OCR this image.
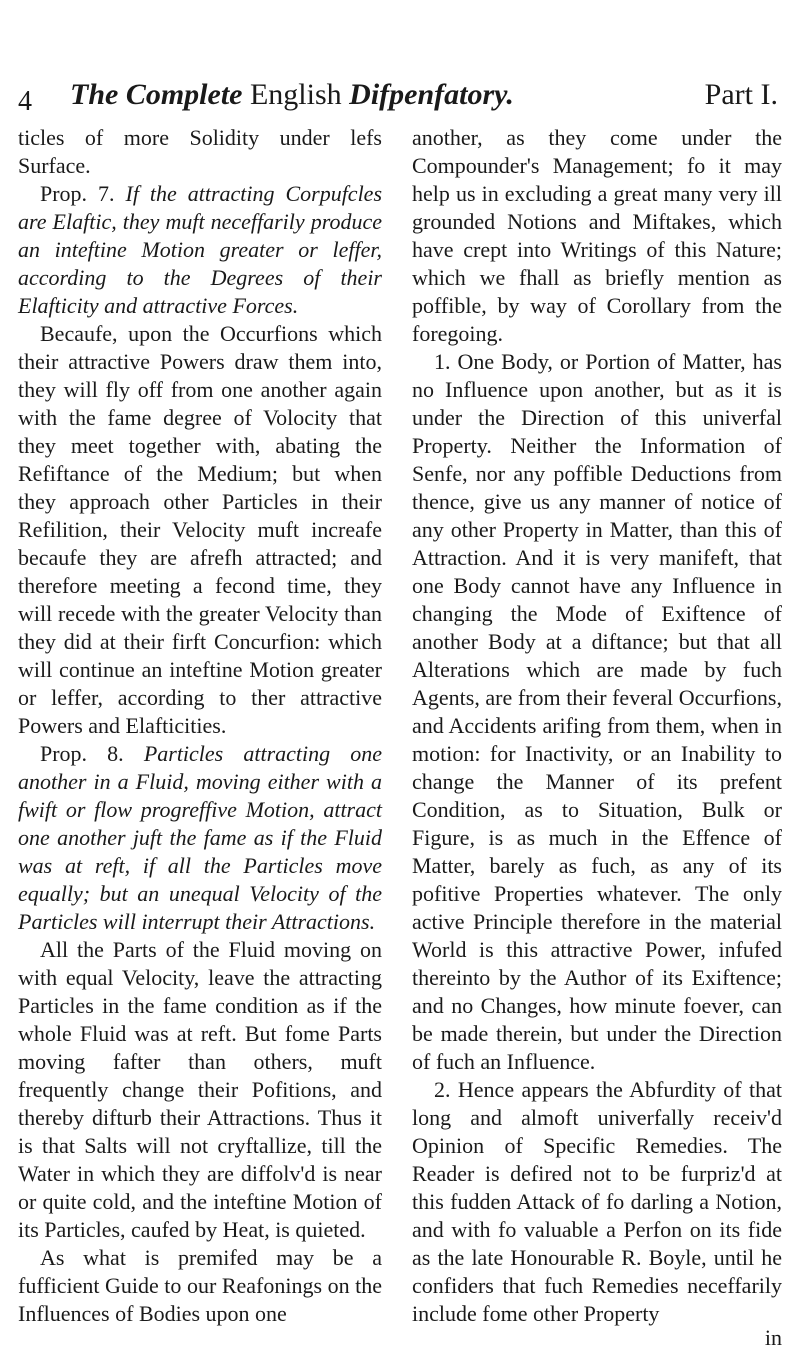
4 The Complete English Difpenfatory.	Part I.

ticles of more Solidity under lefs Surface.

Prop. 7. If the attracting Corpufcles are Elaftic, they muft neceffarily produce an inteftine Motion greater or leffer, according to the Degrees of their Elafticity and attractive Forces.

Becaufe, upon the Occurfions which their attractive Powers draw them into, they will fly off from one another again with the fame degree of Volocity that they meet together with, abating the Refiftance of the Medium; but when they approach other Particles in their Refilition, their Velocity muft increafe becaufe they are afrefh attracted; and therefore meeting a fecond time, they will recede with the greater Velocity than they did at their firft Concurfion: which will continue an inteftine Motion greater or leffer, according to ther attractive Powers and Elafticities.

Prop. 8. Particles attracting one another in a Fluid, moving either with a fwift or flow progreffive Motion, attract one another juft the fame as if the Fluid was at reft, if all the Particles move equally; but an unequal Velocity of the Particles will interrupt their Attractions.

All the Parts of the Fluid moving on with equal Velocity, leave the attracting Particles in the fame condition as if the whole Fluid was at reft. But fome Parts moving fafter than others, muft frequently change their Pofitions, and thereby difturb their Attractions. Thus it is that Salts will not cryftallize, till the Water in which they are diffolv'd is near or quite cold, and the inteftine Motion of its Particles, caufed by Heat, is quieted.

As what is premifed may be a fufficient Guide to our Reafonings on the Influences of Bodies upon one

another, as they come under the Compounder's Management; fo it may help us in excluding a great many very ill grounded Notions and Miftakes, which have crept into Writings of this Nature; which we fhall as briefly mention as poffible, by way of Corollary from the foregoing.

1. One Body, or Portion of Matter, has no Influence upon another, but as it is under the Direction of this univerfal Property. Neither the Information of Senfe, nor any poffible Deductions from thence, give us any manner of notice of any other Property in Matter, than this of Attraction. And it is very manifeft, that one Body cannot have any Influence in changing the Mode of Exiftence of another Body at a diftance; but that all Alterations which are made by fuch Agents, are from their feveral Occurfions, and Accidents arifing from them, when in motion: for Inactivity, or an Inability to change the Manner of its prefent Condition, as to Situation, Bulk or Figure, is as much in the Effence of Matter, barely as fuch, as any of its pofitive Properties whatever. The only active Principle therefore in the material World is this attractive Power, infufed thereinto by the Author of its Exiftence; and no Changes, how minute foever, can be made therein, but under the Direction of fuch an Influence.

2. Hence appears the Abfurdity of that long and almoft univerfally receiv'd Opinion of Specific Remedies. The Reader is defired not to be furpriz'd at this fudden Attack of fo darling a Notion, and with fo valuable a Perfon on its fide as the late Honourable R. Boyle, until he confiders that fuch Remedies neceffarily include fome other Property

in
